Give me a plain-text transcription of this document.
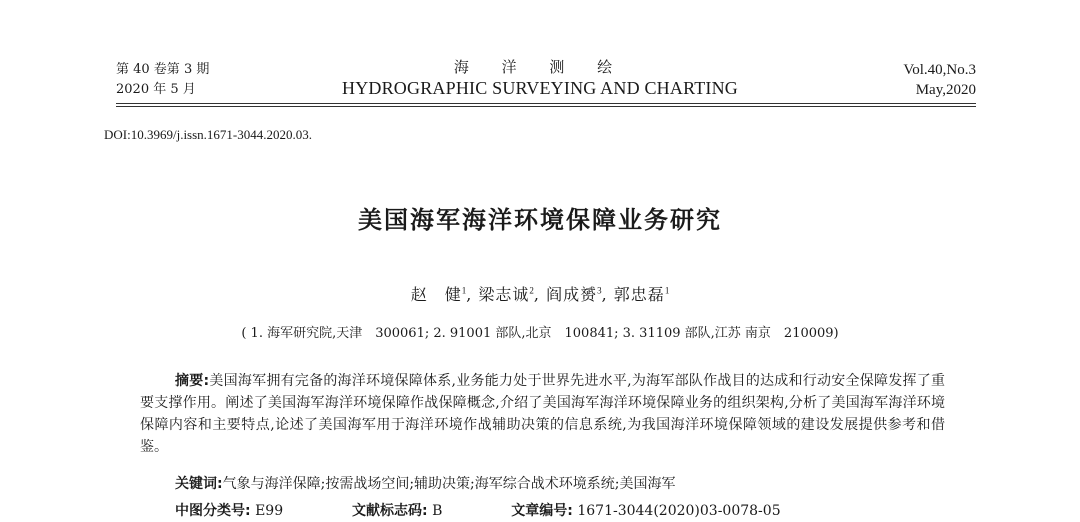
第 40 卷第 3 期
2020 年 5 月
海 洋 测 绘
HYDROGRAPHIC SURVEYING AND CHARTING
Vol.40,No.3
May,2020
DOI:10.3969/j.issn.1671-3044.2020.03.
美国海军海洋环境保障业务研究
赵　健$^1$, 梁志诚$^2$, 阎成赟$^3$, 郭忠磊$^1$
( 1. 海军研究院,天津　300061; 2. 91001 部队,北京　100841; 3. 31109 部队,江苏 南京　210009)
摘要:美国海军拥有完备的海洋环境保障体系,业务能力处于世界先进水平,为海军部队作战目的达成和行动安全保障发挥了重要支撑作用。阐述了美国海军海洋环境保障作战保障概念,介绍了美国海军海洋环境保障业务的组织架构,分析了美国海军海洋环境保障内容和主要特点,论述了美国海军用于海洋环境作战辅助决策的信息系统,为我国海洋环境保障领域的建设发展提供参考和借鉴。
关键词:气象与海洋保障;按需战场空间;辅助决策;海军综合战术环境系统;美国海军
中图分类号: E99	文献标志码: B	文章编号: 1671-3044(2020)03-0078-05
